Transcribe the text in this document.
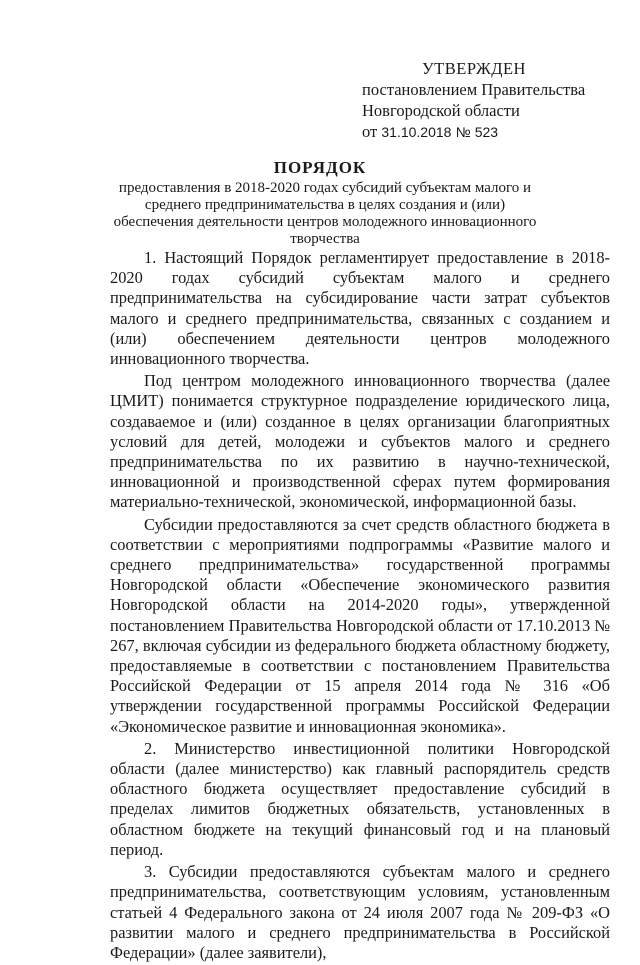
УТВЕРЖДЕН
постановлением Правительства
Новгородской области
от 31.10.2018 № 523
ПОРЯДОК
предоставления в 2018-2020 годах субсидий субъектам малого и среднего предпринимательства в целях создания и (или) обеспечения деятельности центров молодежного инновационного творчества

1. Настоящий Порядок регламентирует предоставление в 2018-2020 годах субсидий субъектам малого и среднего предпринимательства на субсидирование части затрат субъектов малого и среднего предпринимательства, связанных с созданием и (или) обеспечением деятельности центров молодежного инновационного творчества.

Под центром молодежного инновационного творчества (далее ЦМИТ) понимается структурное подразделение юридического лица, создаваемое и (или) созданное в целях организации благоприятных условий для детей, молодежи и субъектов малого и среднего предпринимательства по их развитию в научно-технической, инновационной и производственной сферах путем формирования материально-технической, экономической, информационной базы.

Субсидии предоставляются за счет средств областного бюджета в соответствии с мероприятиями подпрограммы «Развитие малого и среднего предпринимательства» государственной программы Новгородской области «Обеспечение экономического развития Новгородской области на 2014-2020 годы», утвержденной постановлением Правительства Новгородской области от 17.10.2013 № 267, включая субсидии из федерального бюджета областному бюджету, предоставляемые в соответствии с постановлением Правительства Российской Федерации от 15 апреля 2014 года № 316 «Об утверждении государственной программы Российской Федерации «Экономическое развитие и инновационная экономика».

2. Министерство инвестиционной политики Новгородской области (далее министерство) как главный распорядитель средств областного бюджета осуществляет предоставление субсидий в пределах лимитов бюджетных обязательств, установленных в областном бюджете на текущий финансовый год и на плановый период.

3. Субсидии предоставляются субъектам малого и среднего предпринимательства, соответствующим условиям, установленным статьей 4 Федерального закона от 24 июля 2007 года № 209-ФЗ «О развитии малого и среднего предпринимательства в Российской Федерации» (далее заявители),
